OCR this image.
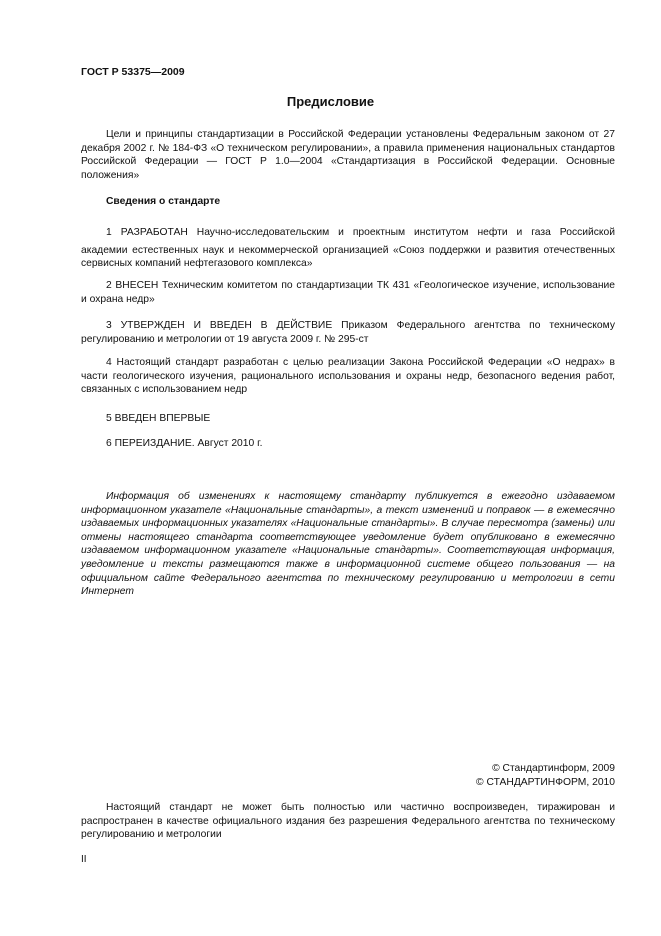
ГОСТ Р 53375—2009
Предисловие

Цели и принципы стандартизации в Российской Федерации установлены Федеральным законом от 27 декабря 2002 г. № 184-ФЗ «О техническом регулировании», а правила применения национальных стандартов Российской Федерации — ГОСТ Р 1.0—2004 «Стандартизация в Российской Федерации. Основные положения»

Сведения о стандарте
1 РАЗРАБОТАН Научно-исследовательским и проектным институтом нефти и газа Российской
академии естественных наук и некоммерческой организацией «Союз поддержки и развития отечественных сервисных компаний нефтегазового комплекса»

2 ВНЕСЕН Техническим комитетом по стандартизации ТК 431 «Геологическое изучение, использование и охрана недр»

3 УТВЕРЖДЕН И ВВЕДЕН В ДЕЙСТВИЕ Приказом Федерального агентства по техническому регулированию и метрологии от 19 августа 2009 г. № 295-ст

4 Настоящий стандарт разработан с целью реализации Закона Российской Федерации «О недрах» в части геологического изучения, рационального использования и охраны недр, безопасного ведения работ, связанных с использованием недр

5 ВВЕДЕН ВПЕРВЫЕ

6 ПЕРЕИЗДАНИЕ. Август 2010 г.

Информация об изменениях к настоящему стандарту публикуется в ежегодно издаваемом информационном указателе «Национальные стандарты», а текст изменений и поправок — в ежемесячно издаваемых информационных указателях «Национальные стандарты». В случае пересмотра (замены) или отмены настоящего стандарта соответствующее уведомление будет опубликовано в ежемесячно издаваемом информационном указателе «Национальные стандарты». Соответствующая информация, уведомление и тексты размещаются также в информационной системе общего пользования — на официальном сайте Федерального агентства по техническому регулированию и метрологии в сети Интернет

© Стандартинформ, 2009
© СТАНДАРТИНФОРМ, 2010

Настоящий стандарт не может быть полностью или частично воспроизведен, тиражирован и распространен в качестве официального издания без разрешения Федерального агентства по техническому регулированию и метрологии

II
